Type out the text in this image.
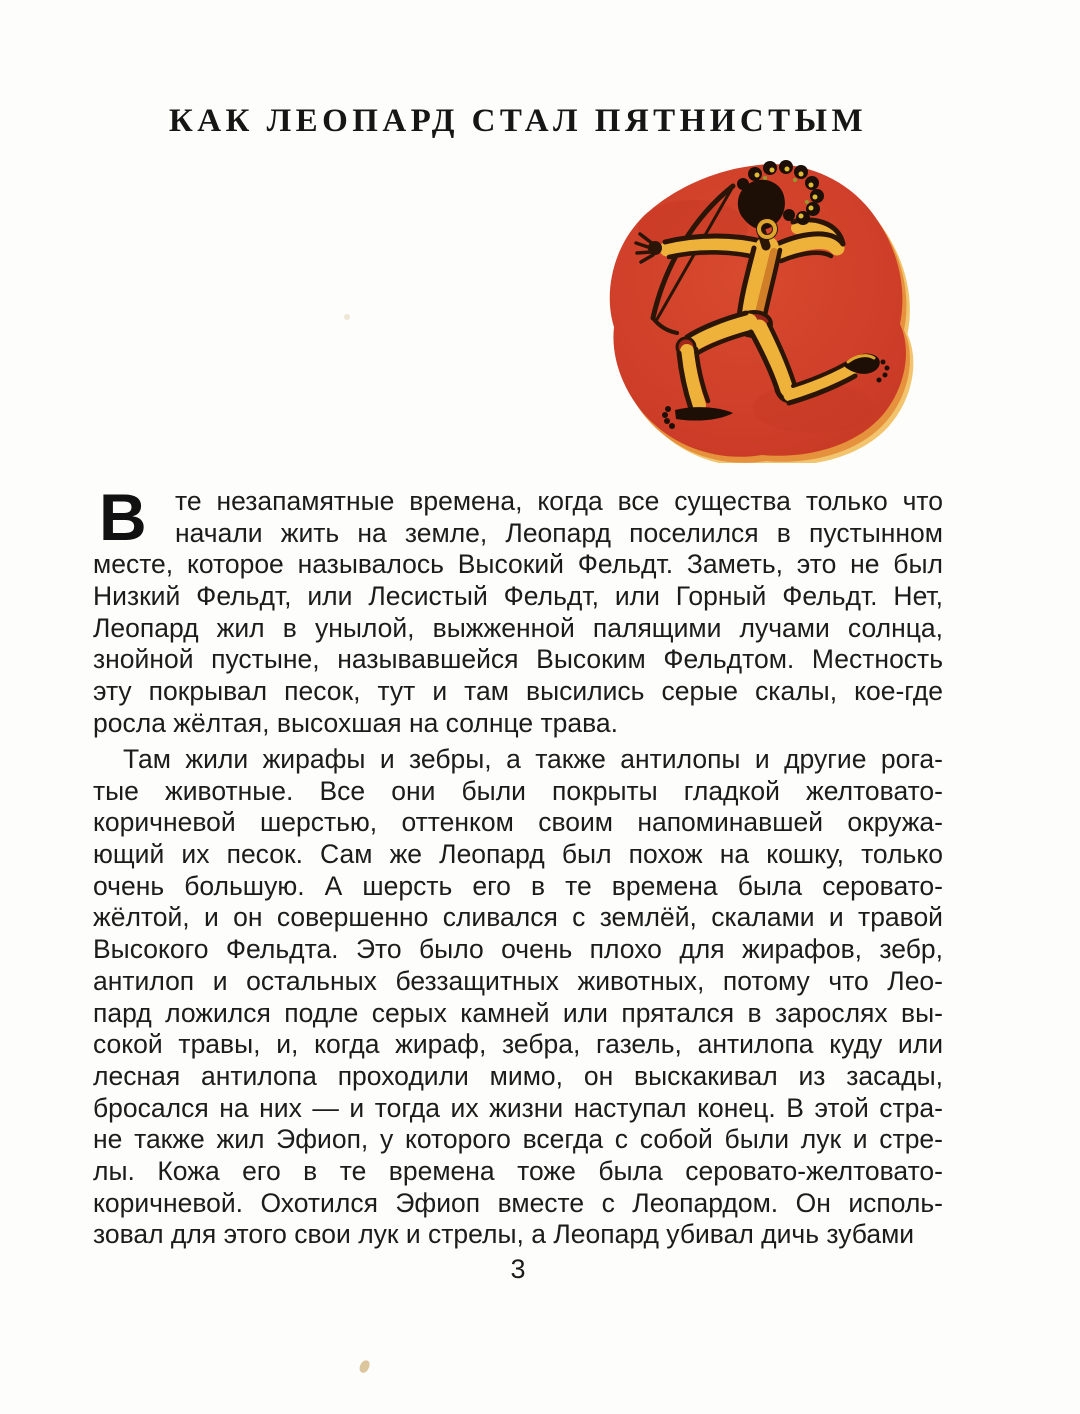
КАК ЛЕОПАРД СТАЛ ПЯТНИСТЫМ
В те незапамятные времена, когда все существа только что
начали жить на земле, Леопард поселился в пустынном
месте, которое называлось Высокий Фельдт. Заметь, это не был
Низкий Фельдт, или Лесистый Фельдт, или Горный Фельдт. Нет,
Леопард жил в унылой, выжженной палящими лучами солнца,
знойной пустыне, называвшейся Высоким Фельдтом. Местность
эту покрывал песок, тут и там высились серые скалы, кое-где
росла жёлтая, высохшая на солнце трава.
Там жили жирафы и зебры, а также антилопы и другие рога-
тые животные. Все они были покрыты гладкой желтовато-
коричневой шерстью, оттенком своим напоминавшей окружа-
ющий их песок. Сам же Леопард был похож на кошку, только
очень большую. А шерсть его в те времена была серовато-
жёлтой, и он совершенно сливался с землёй, скалами и травой
Высокого Фельдта. Это было очень плохо для жирафов, зебр,
антилоп и остальных беззащитных животных, потому что Лео-
пард ложился подле серых камней или прятался в зарослях вы-
сокой травы, и, когда жираф, зебра, газель, антилопа куду или
лесная антилопа проходили мимо, он выскакивал из засады,
бросался на них — и тогда их жизни наступал конец. В этой стра-
не также жил Эфиоп, у которого всегда с собой были лук и стре-
лы. Кожа его в те времена тоже была серовато-желтовато-
коричневой. Охотился Эфиоп вместе с Леопардом. Он исполь-
зовал для этого свои лук и стрелы, а Леопард убивал дичь зубами
3
